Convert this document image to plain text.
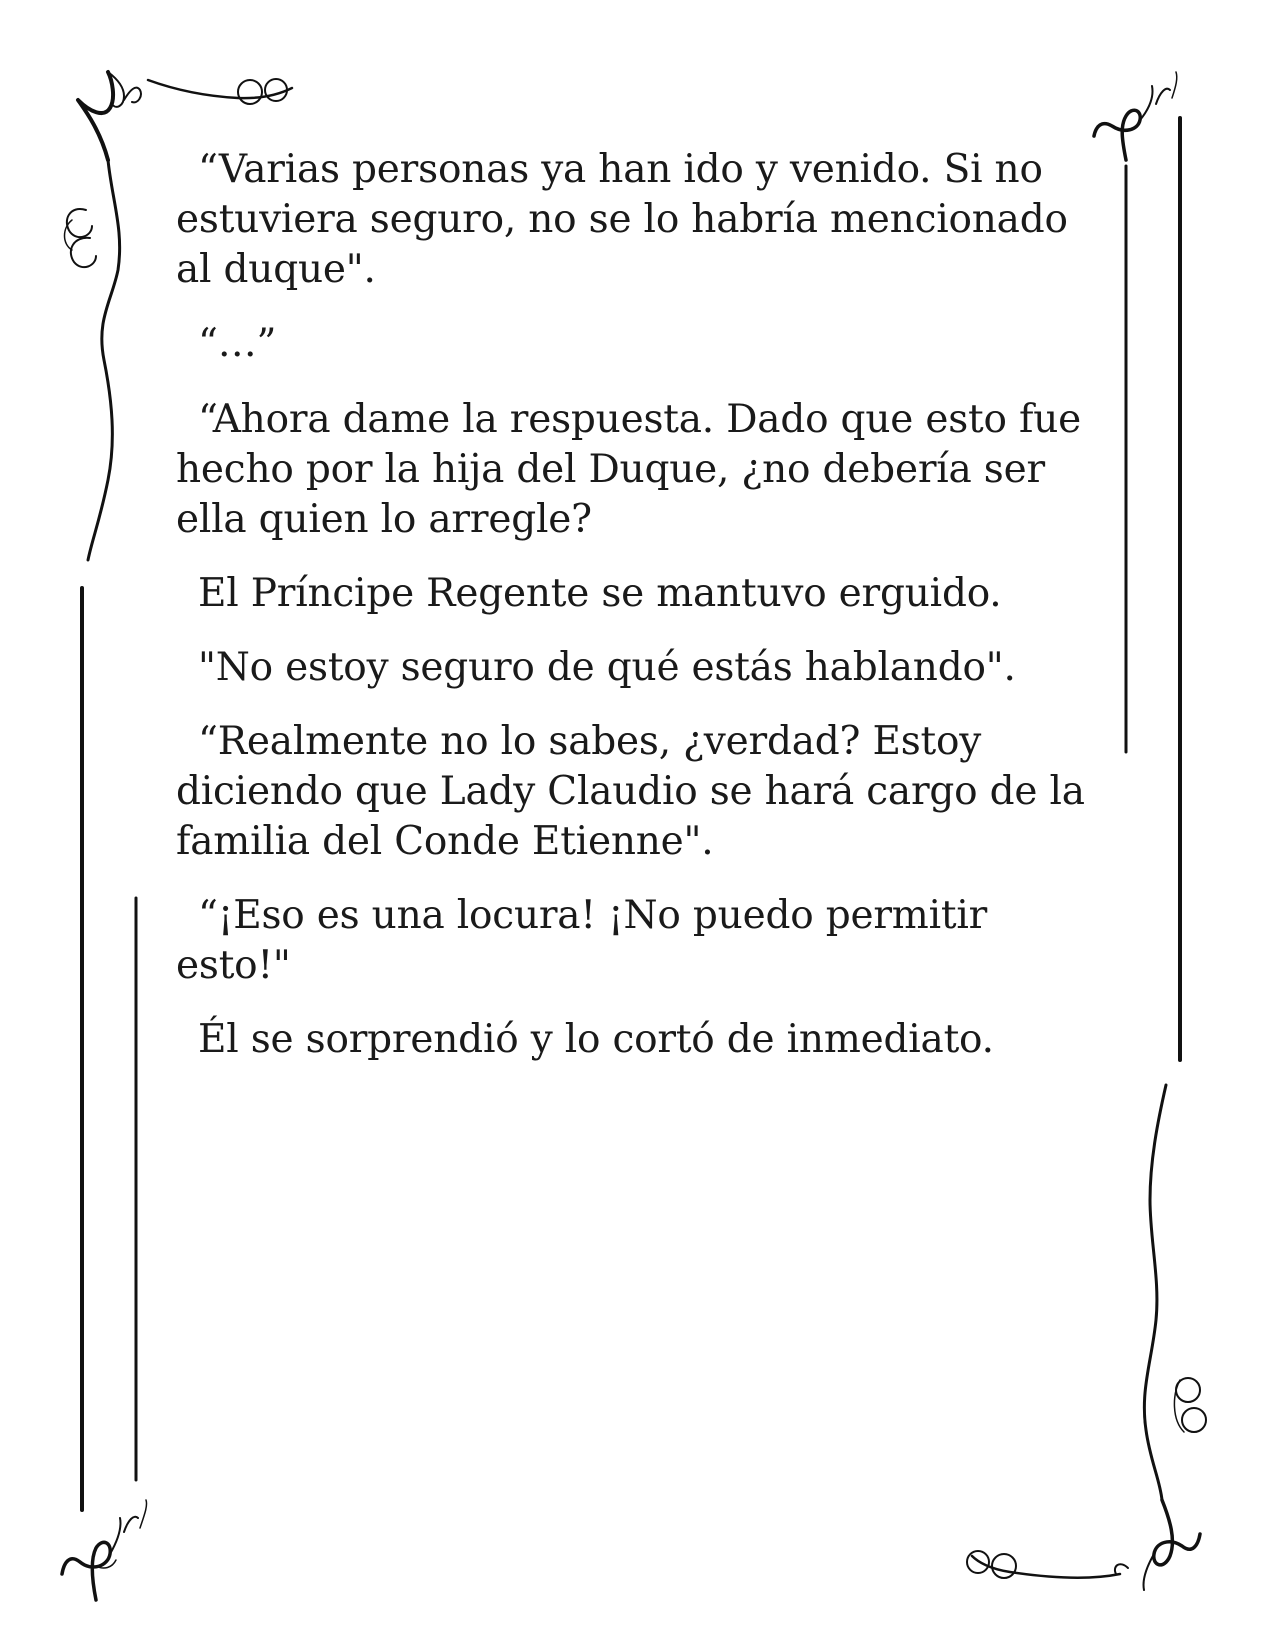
“Varias personas ya han ido y venido. Si no estuviera seguro, no se lo habría mencionado al duque".

“…”

“Ahora dame la respuesta. Dado que esto fue hecho por la hija del Duque, ¿no debería ser ella quien lo arregle?

El Príncipe Regente se mantuvo erguido.

"No estoy seguro de qué estás hablando".

“Realmente no lo sabes, ¿verdad? Estoy diciendo que Lady Claudio se hará cargo de la familia del Conde Etienne".

“¡Eso es una locura! ¡No puedo permitir esto!"

Él se sorprendió y lo cortó de inmediato.
